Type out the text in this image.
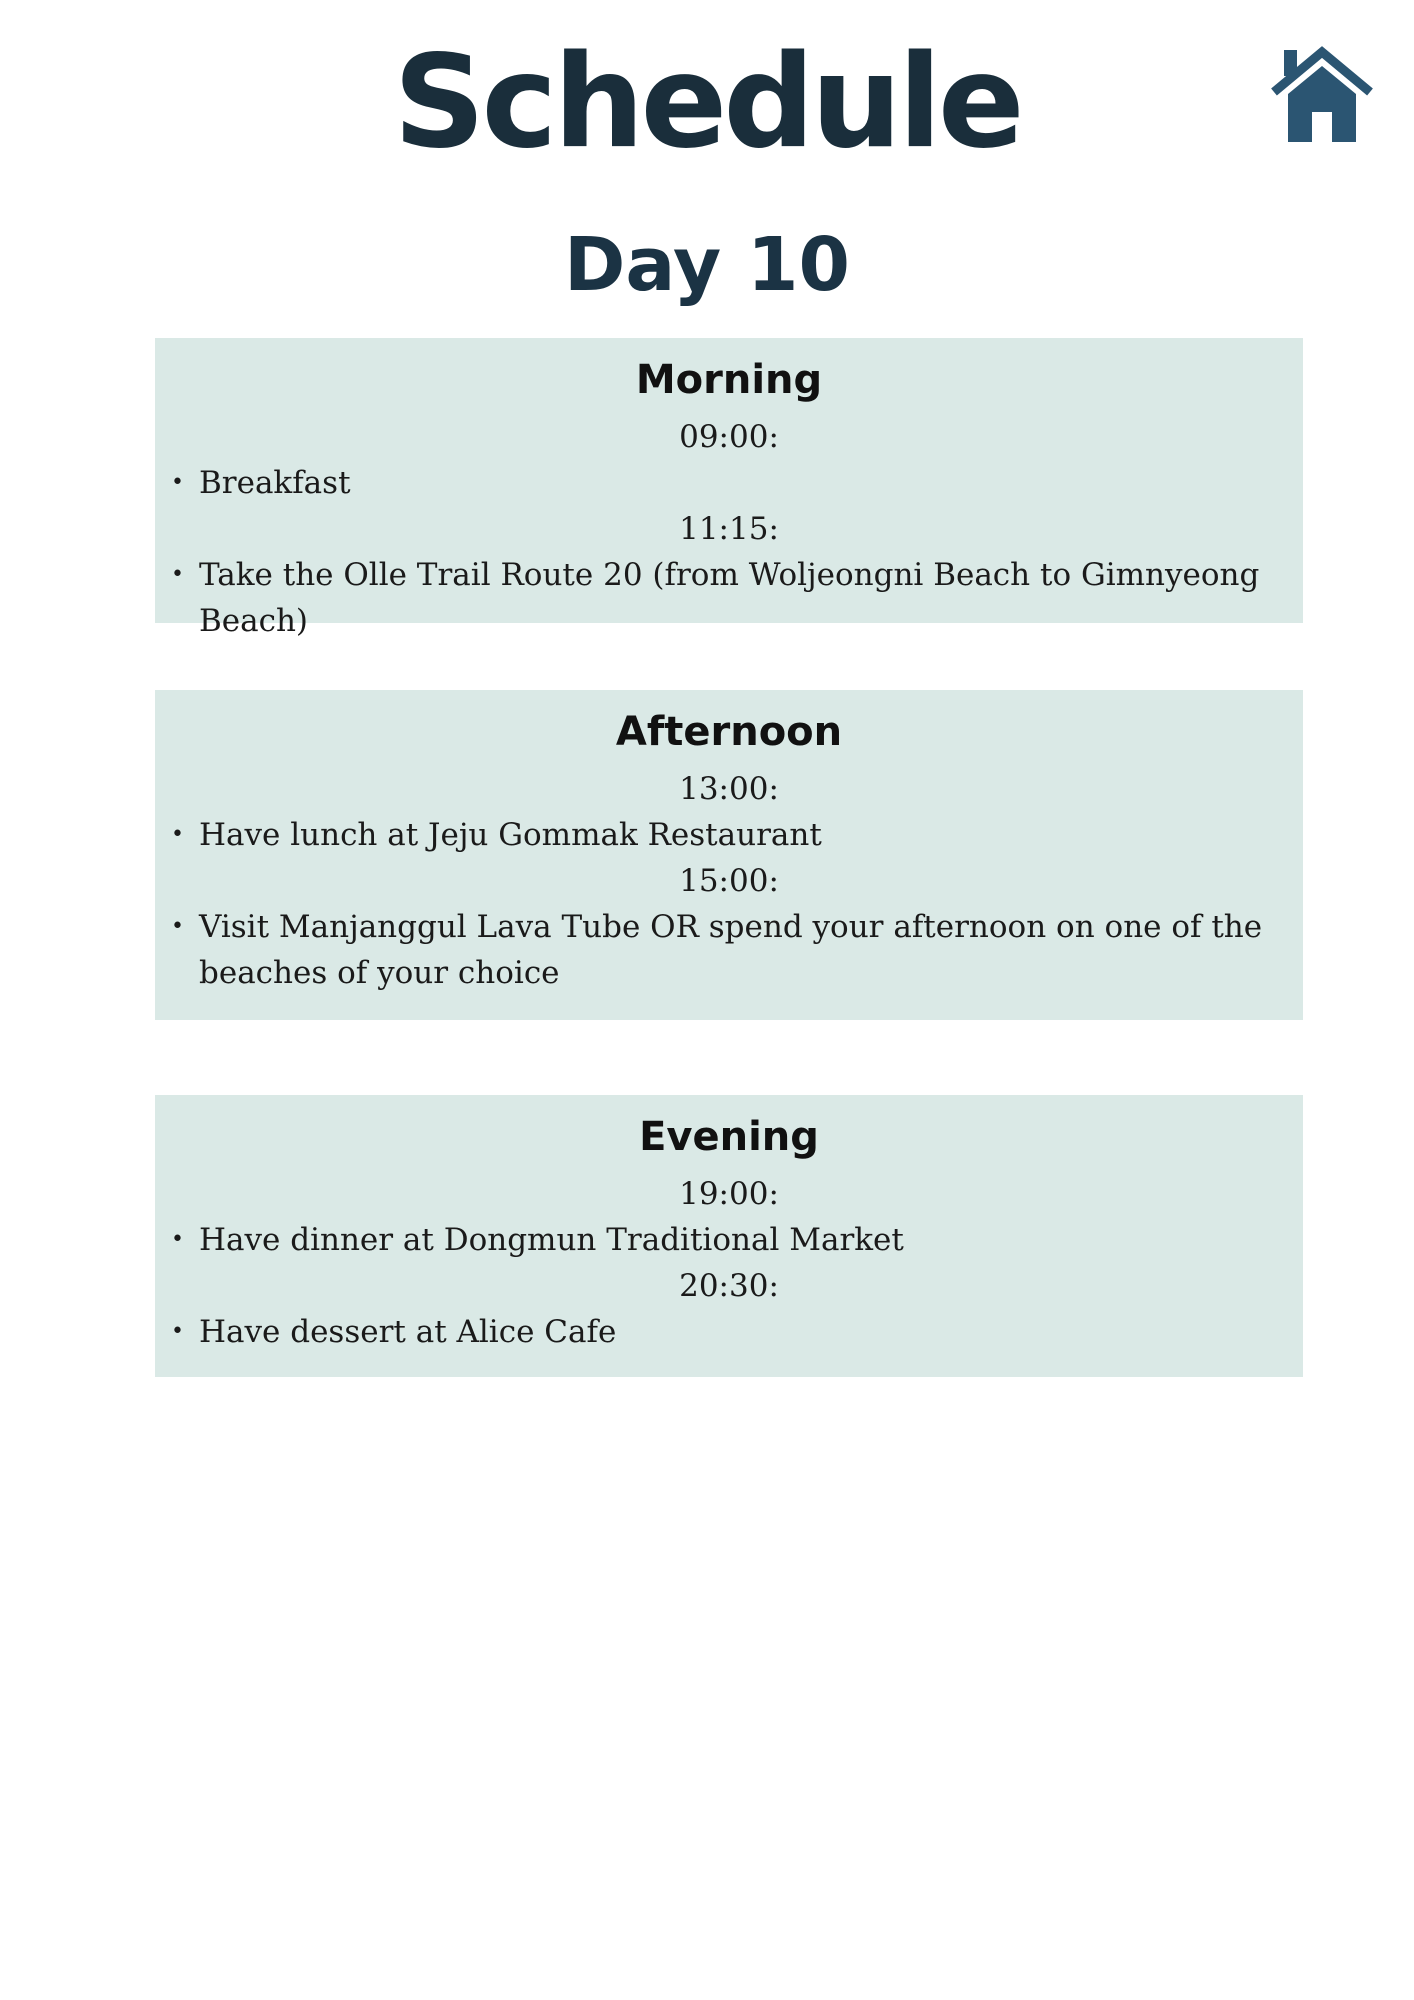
Schedule
Day 10
Morning
09:00:
• Breakfast
11:15:
• Take the Olle Trail Route 20 (from Woljeongni Beach to Gimnyeong Beach)
Afternoon
13:00:
• Have lunch at Jeju Gommak Restaurant
15:00:
• Visit Manjanggul Lava Tube OR spend your afternoon on one of the beaches of your choice
Evening
19:00:
• Have dinner at Dongmun Traditional Market
20:30:
• Have dessert at Alice Cafe
